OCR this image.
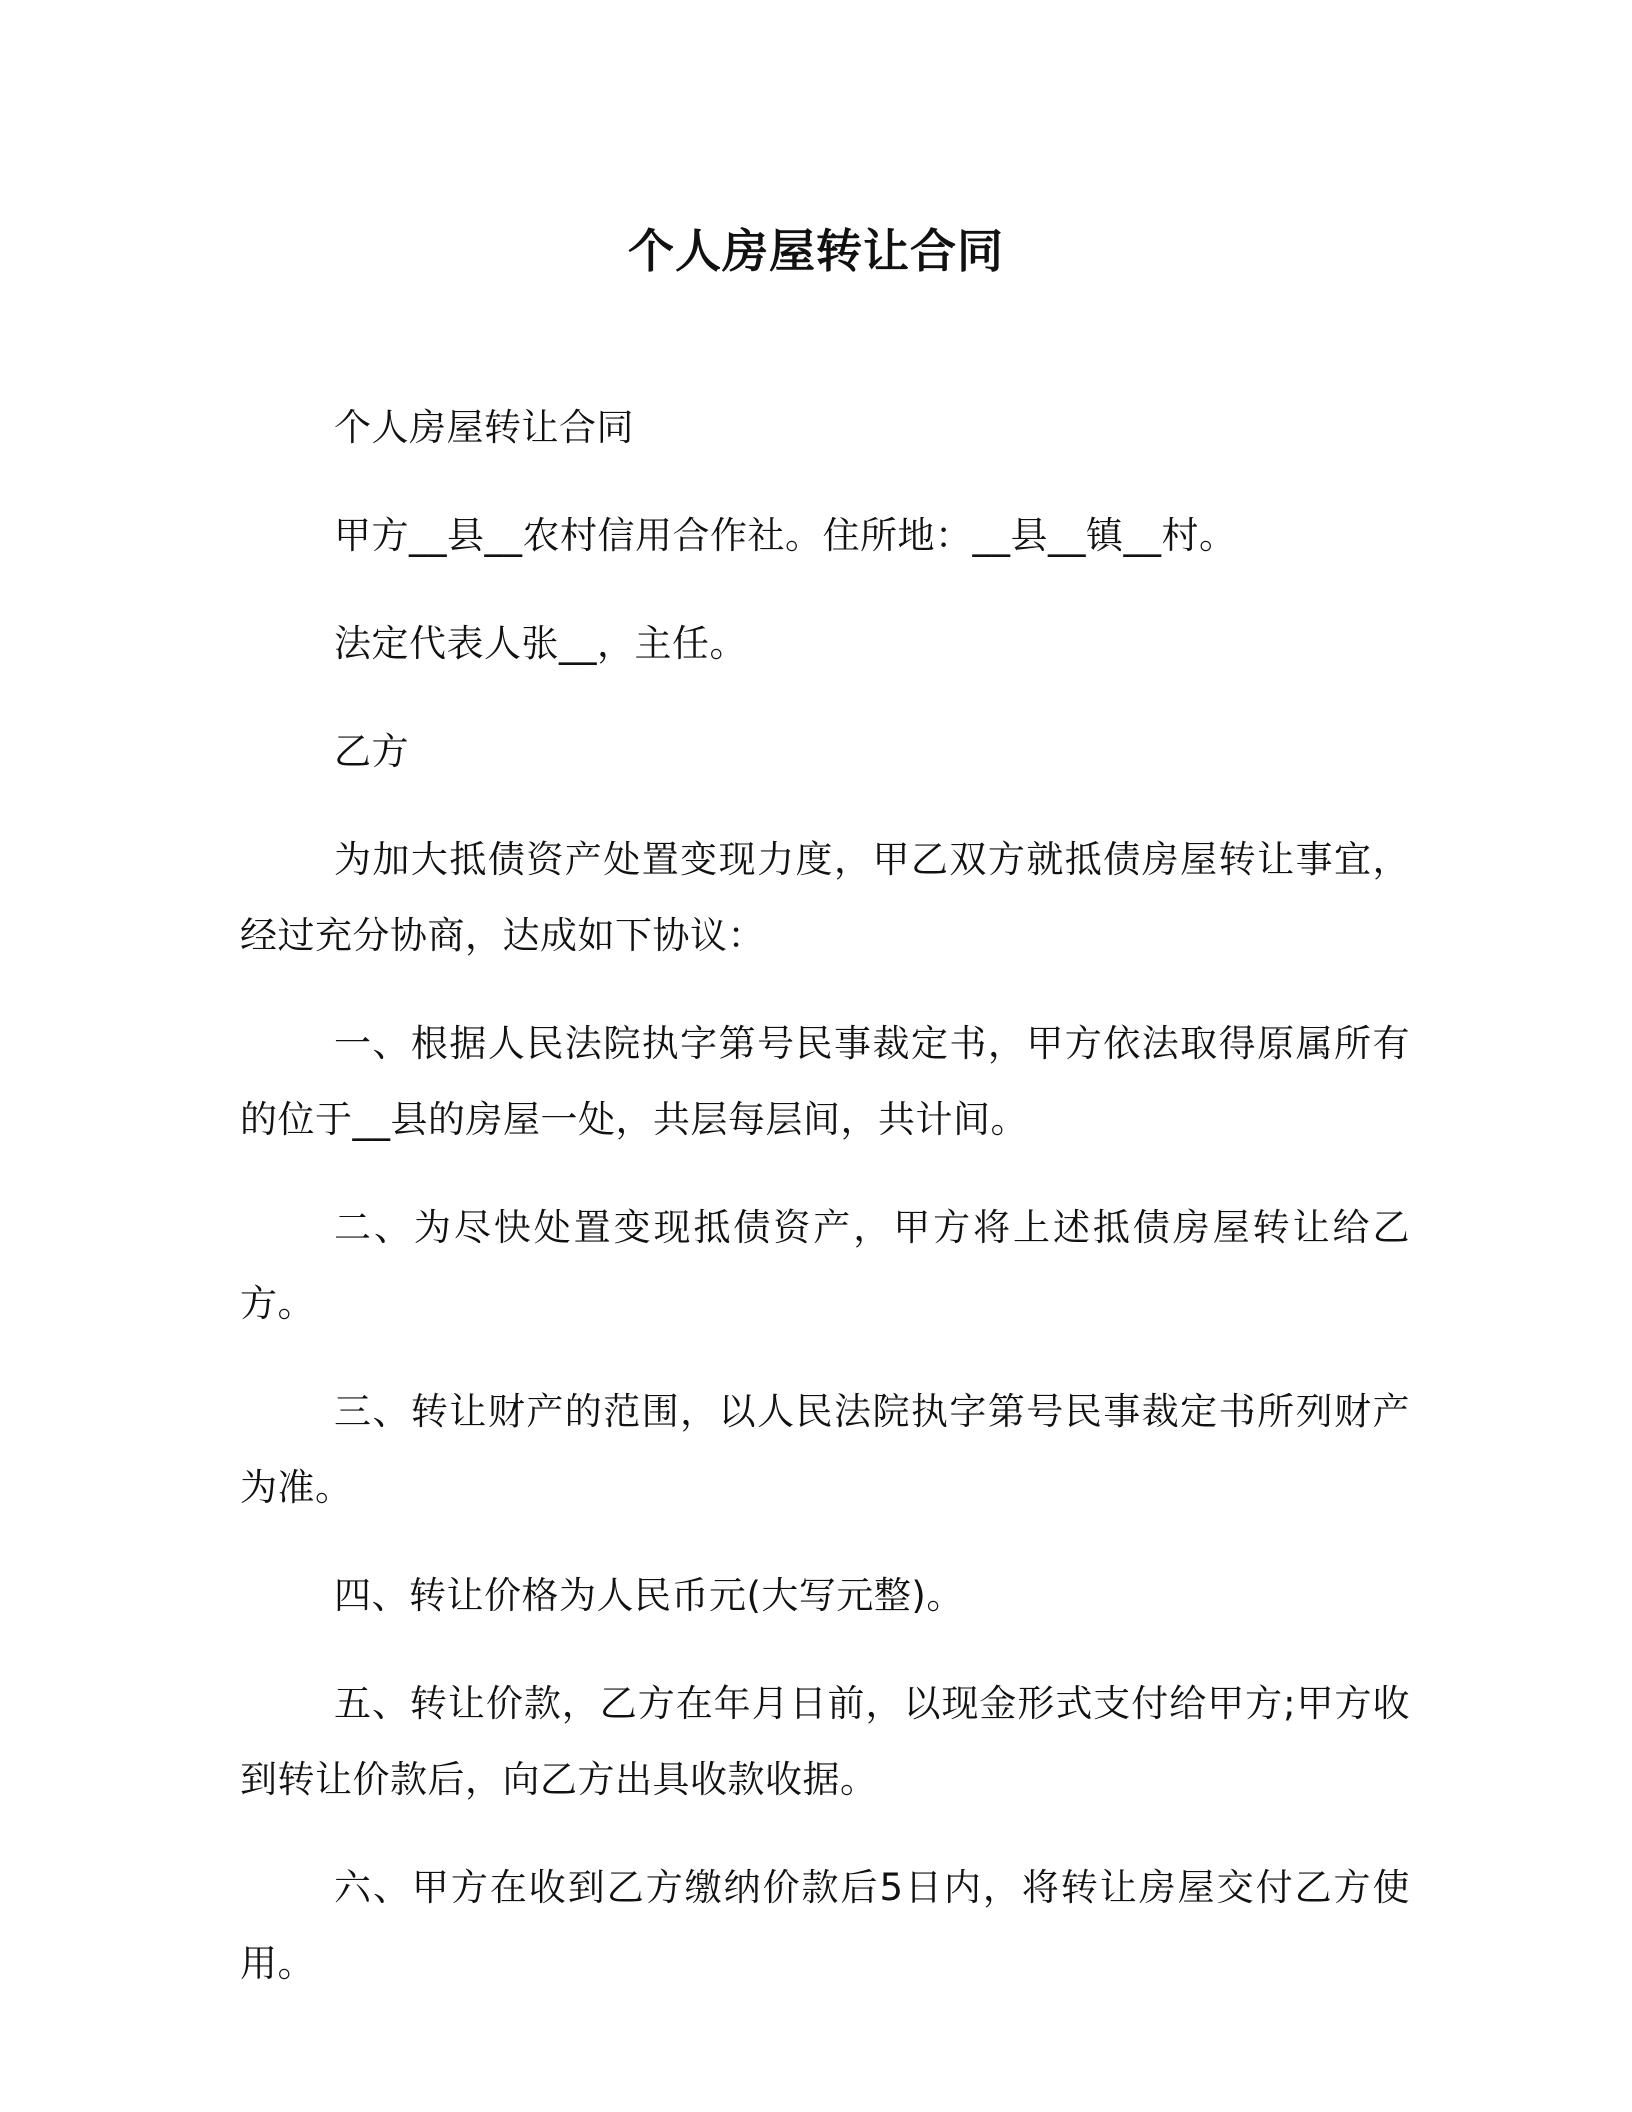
个人房屋转让合同

个人房屋转让合同

甲方__县__农村信用合作社。住所地：__县__镇__村。

法定代表人张__，主任。

乙方

为加大抵债资产处置变现力度，甲乙双方就抵债房屋转让事宜，经过充分协商，达成如下协议：

一、根据人民法院执字第号民事裁定书，甲方依法取得原属所有的位于__县的房屋一处，共层每层间，共计间。

二、为尽快处置变现抵债资产，甲方将上述抵债房屋转让给乙方。

三、转让财产的范围，以人民法院执字第号民事裁定书所列财产为准。

四、转让价格为人民币元(大写元整)。

五、转让价款，乙方在年月日前，以现金形式支付给甲方;甲方收到转让价款后，向乙方出具收款收据。

六、甲方在收到乙方缴纳价款后5日内，将转让房屋交付乙方使用。
